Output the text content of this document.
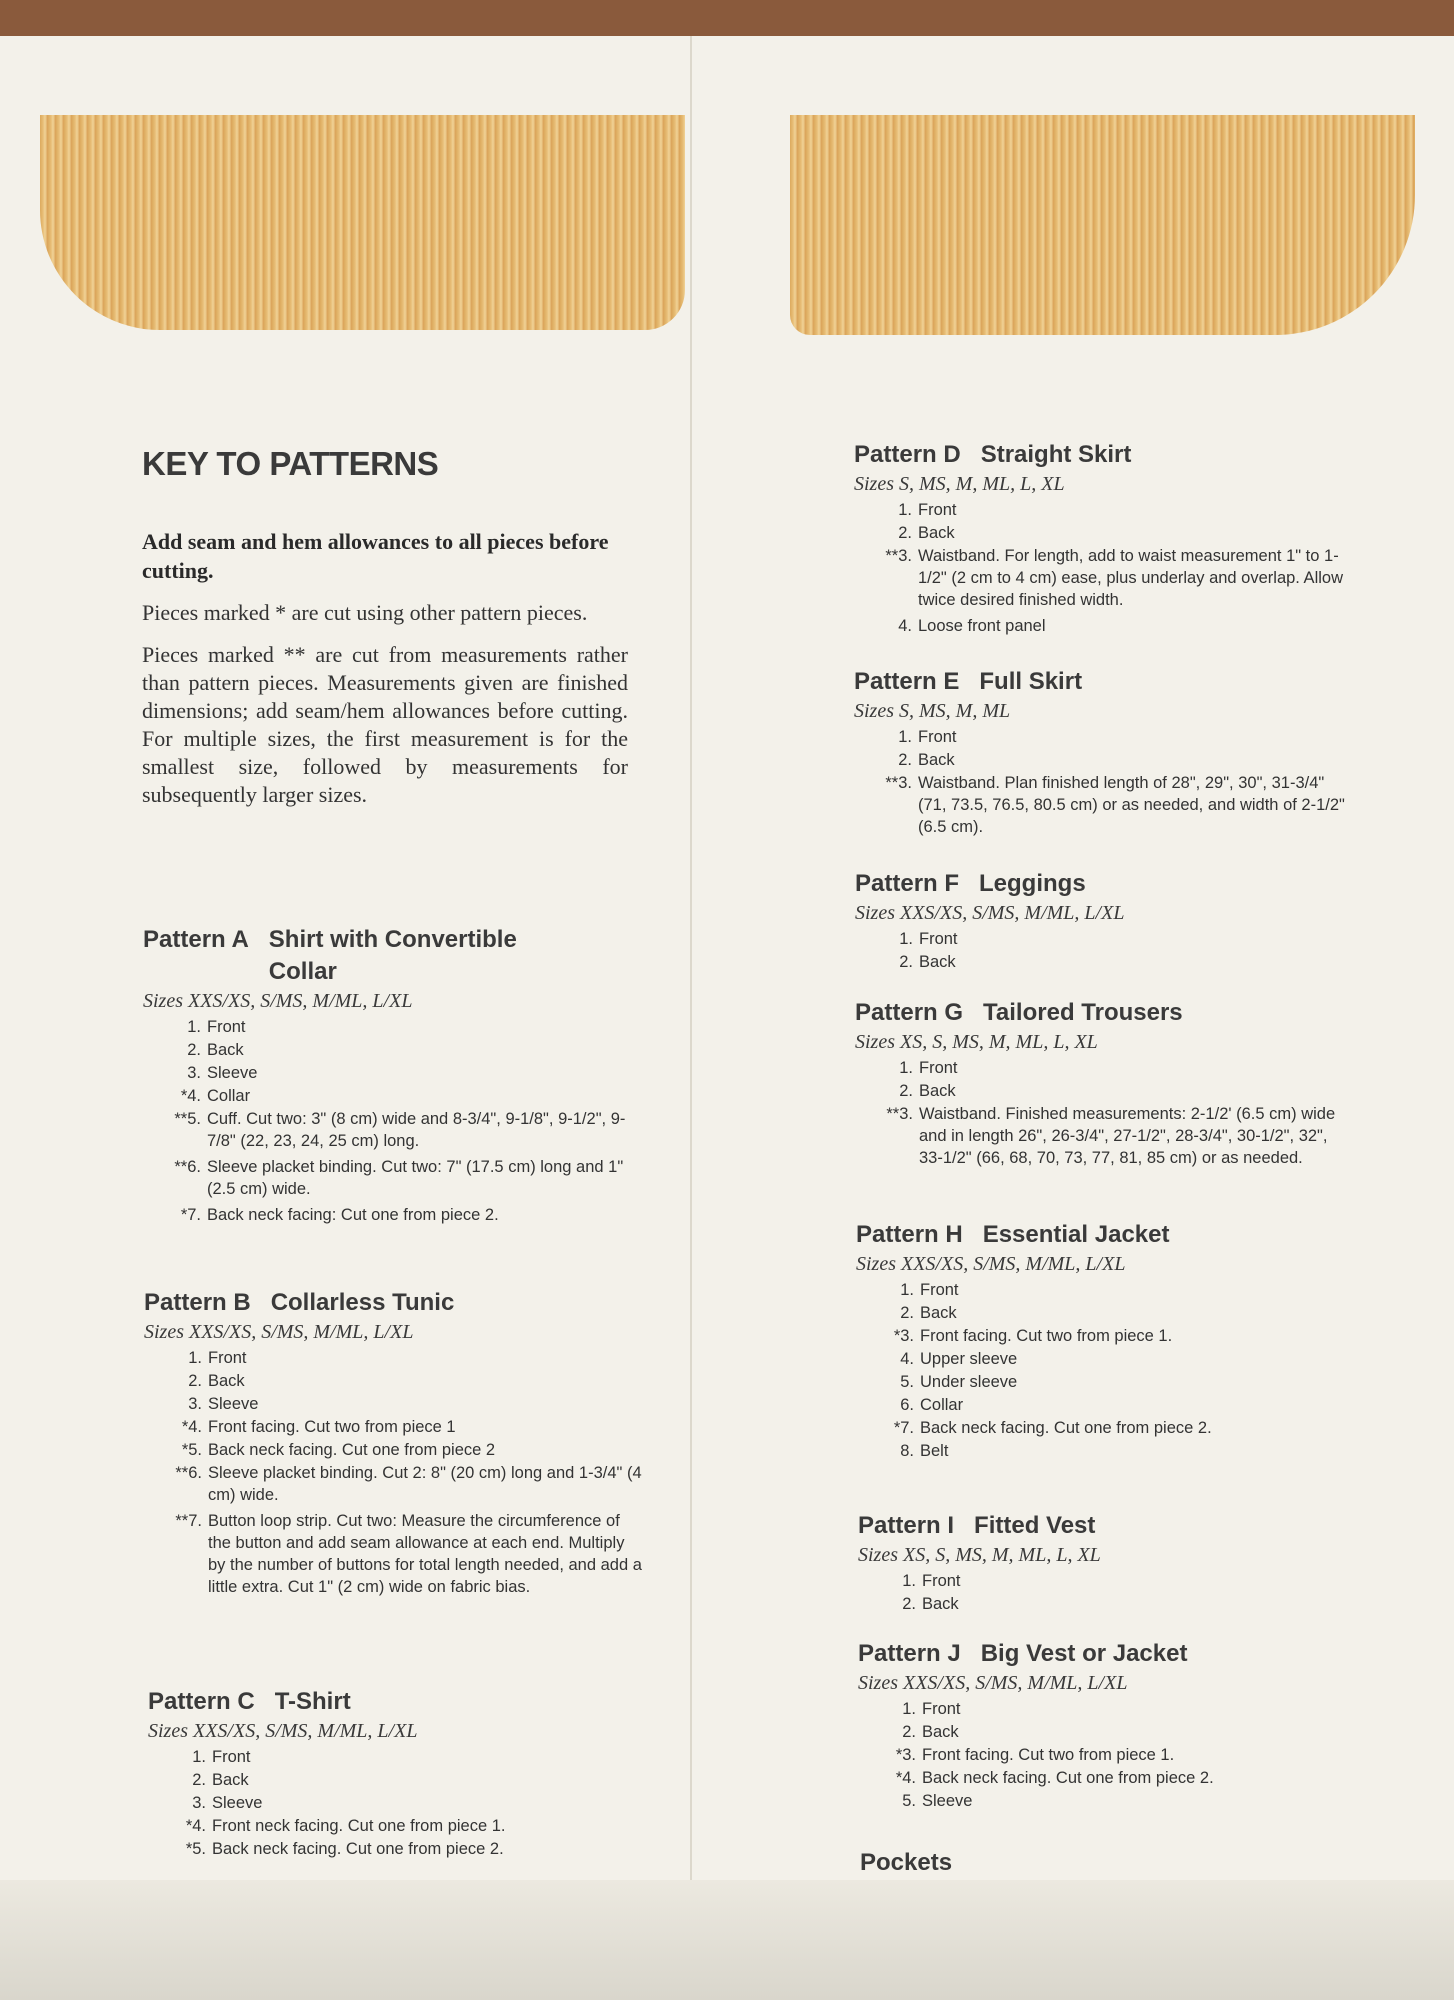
KEY TO PATTERNS

Add seam and hem allowances to all pieces before cutting.

Pieces marked * are cut using other pattern pieces.

Pieces marked ** are cut from measurements rather than pattern pieces. Measurements given are finished dimensions; add seam/hem allowances before cutting. For multiple sizes, the first measurement is for the smallest size, followed by measurements for subsequently larger sizes.

Pattern A Shirt with Convertible Collar
Sizes XXS/XS, S/MS, M/ML, L/XL
1. Front
2. Back
3. Sleeve
*4. Collar
**5. Cuff. Cut two: 3" (8 cm) wide and 8-3/4", 9-1/8", 9-1/2", 9-7/8" (22, 23, 24, 25 cm) long.
**6. Sleeve placket binding. Cut two: 7" (17.5 cm) long and 1" (2.5 cm) wide.
*7. Back neck facing: Cut one from piece 2.
Pattern B Collarless Tunic
Sizes XXS/XS, S/MS, M/ML, L/XL
1. Front
2. Back
3. Sleeve
*4. Front facing. Cut two from piece 1
*5. Back neck facing. Cut one from piece 2
**6. Sleeve placket binding. Cut 2: 8" (20 cm) long and 1-3/4" (4 cm) wide.
**7. Button loop strip. Cut two: Measure the circumference of the button and add seam allowance at each end. Multiply by the number of buttons for total length needed, and add a little extra. Cut 1" (2 cm) wide on fabric bias.
Pattern C T-Shirt
Sizes XXS/XS, S/MS, M/ML, L/XL
1. Front
2. Back
3. Sleeve
*4. Front neck facing. Cut one from piece 1.
*5. Back neck facing. Cut one from piece 2.
Pattern D Straight Skirt
Sizes S, MS, M, ML, L, XL
1. Front
2. Back
**3. Waistband. For length, add to waist measurement 1" to 1-1/2" (2 cm to 4 cm) ease, plus underlay and overlap. Allow twice desired finished width.
4. Loose front panel
Pattern E Full Skirt
Sizes S, MS, M, ML
1. Front
2. Back
**3. Waistband. Plan finished length of 28", 29", 30", 31-3/4" (71, 73.5, 76.5, 80.5 cm) or as needed, and width of 2-1/2" (6.5 cm).
Pattern F Leggings
Sizes XXS/XS, S/MS, M/ML, L/XL
1. Front
2. Back
Pattern G Tailored Trousers
Sizes XS, S, MS, M, ML, L, XL
1. Front
2. Back
**3. Waistband. Finished measurements: 2-1/2' (6.5 cm) wide and in length 26", 26-3/4", 27-1/2", 28-3/4", 30-1/2", 32", 33-1/2" (66, 68, 70, 73, 77, 81, 85 cm) or as needed.
Pattern H Essential Jacket
Sizes XXS/XS, S/MS, M/ML, L/XL
1. Front
2. Back
*3. Front facing. Cut two from piece 1.
4. Upper sleeve
5. Under sleeve
6. Collar
*7. Back neck facing. Cut one from piece 2.
8. Belt
Pattern I Fitted Vest
Sizes XS, S, MS, M, ML, L, XL
1. Front
2. Back
Pattern J Big Vest or Jacket
Sizes XXS/XS, S/MS, M/ML, L/XL
1. Front
2. Back
*3. Front facing. Cut two from piece 1.
*4. Back neck facing. Cut one from piece 2.
5. Sleeve
Pockets
